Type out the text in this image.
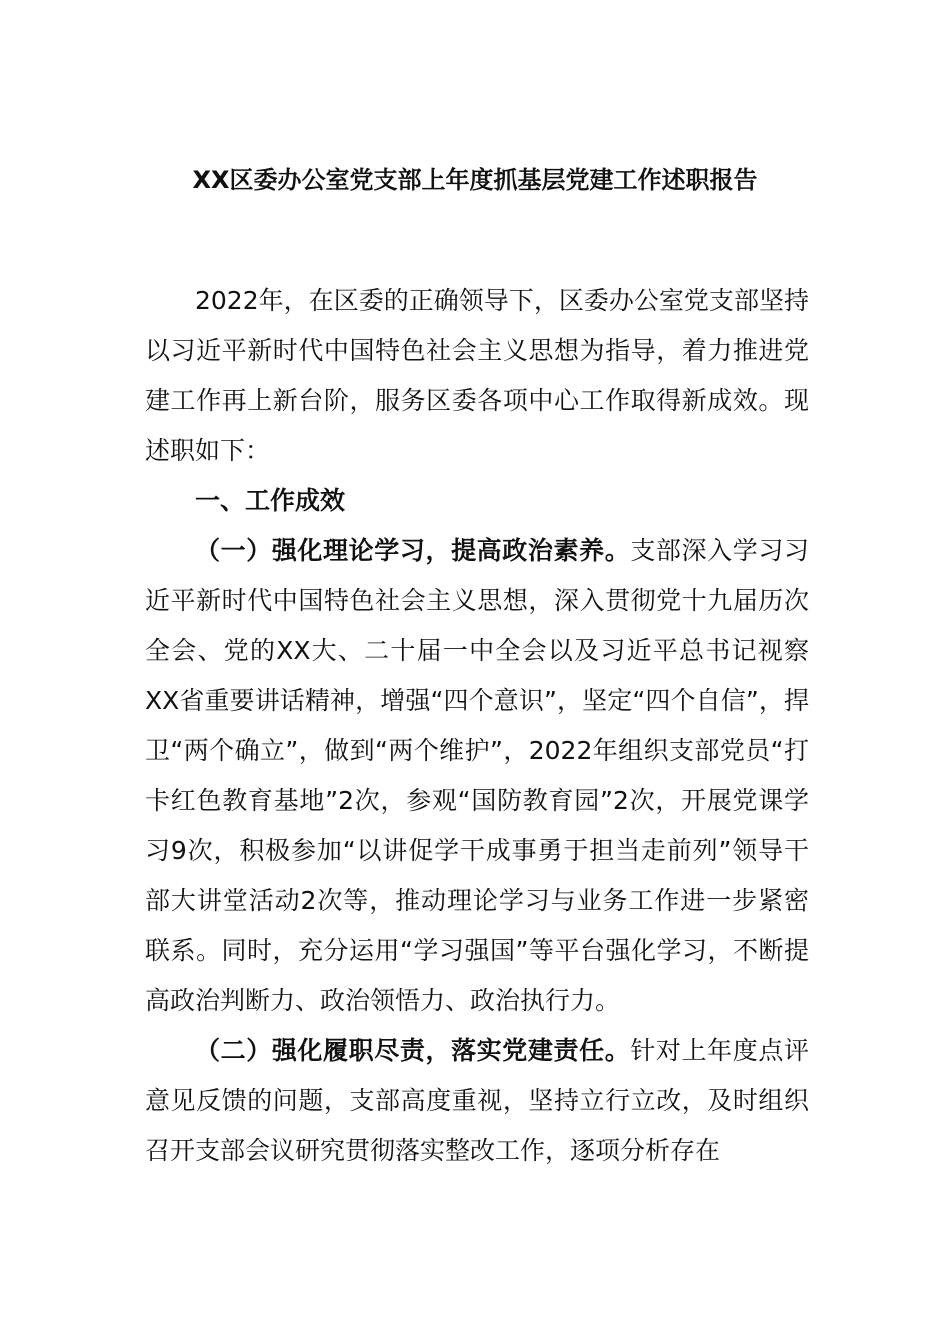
XX区委办公室党支部上年度抓基层党建工作述职报告

2022年，在区委的正确领导下，区委办公室党支部坚持以习近平新时代中国特色社会主义思想为指导，着力推进党建工作再上新台阶，服务区委各项中心工作取得新成效。现述职如下：

一、工作成效

（一）强化理论学习，提高政治素养。支部深入学习习近平新时代中国特色社会主义思想，深入贯彻党十九届历次全会、党的XX大、二十届一中全会以及习近平总书记视察XX省重要讲话精神，增强“四个意识”，坚定“四个自信”，捍卫“两个确立”，做到“两个维护”，2022年组织支部党员“打卡红色教育基地”2次，参观“国防教育园”2次，开展党课学习9次，积极参加“以讲促学干成事勇于担当走前列”领导干部大讲堂活动2次等，推动理论学习与业务工作进一步紧密联系。同时，充分运用“学习强国”等平台强化学习，不断提高政治判断力、政治领悟力、政治执行力。

（二）强化履职尽责，落实党建责任。针对上年度点评意见反馈的问题，支部高度重视，坚持立行立改，及时组织召开支部会议研究贯彻落实整改工作，逐项分析存在
